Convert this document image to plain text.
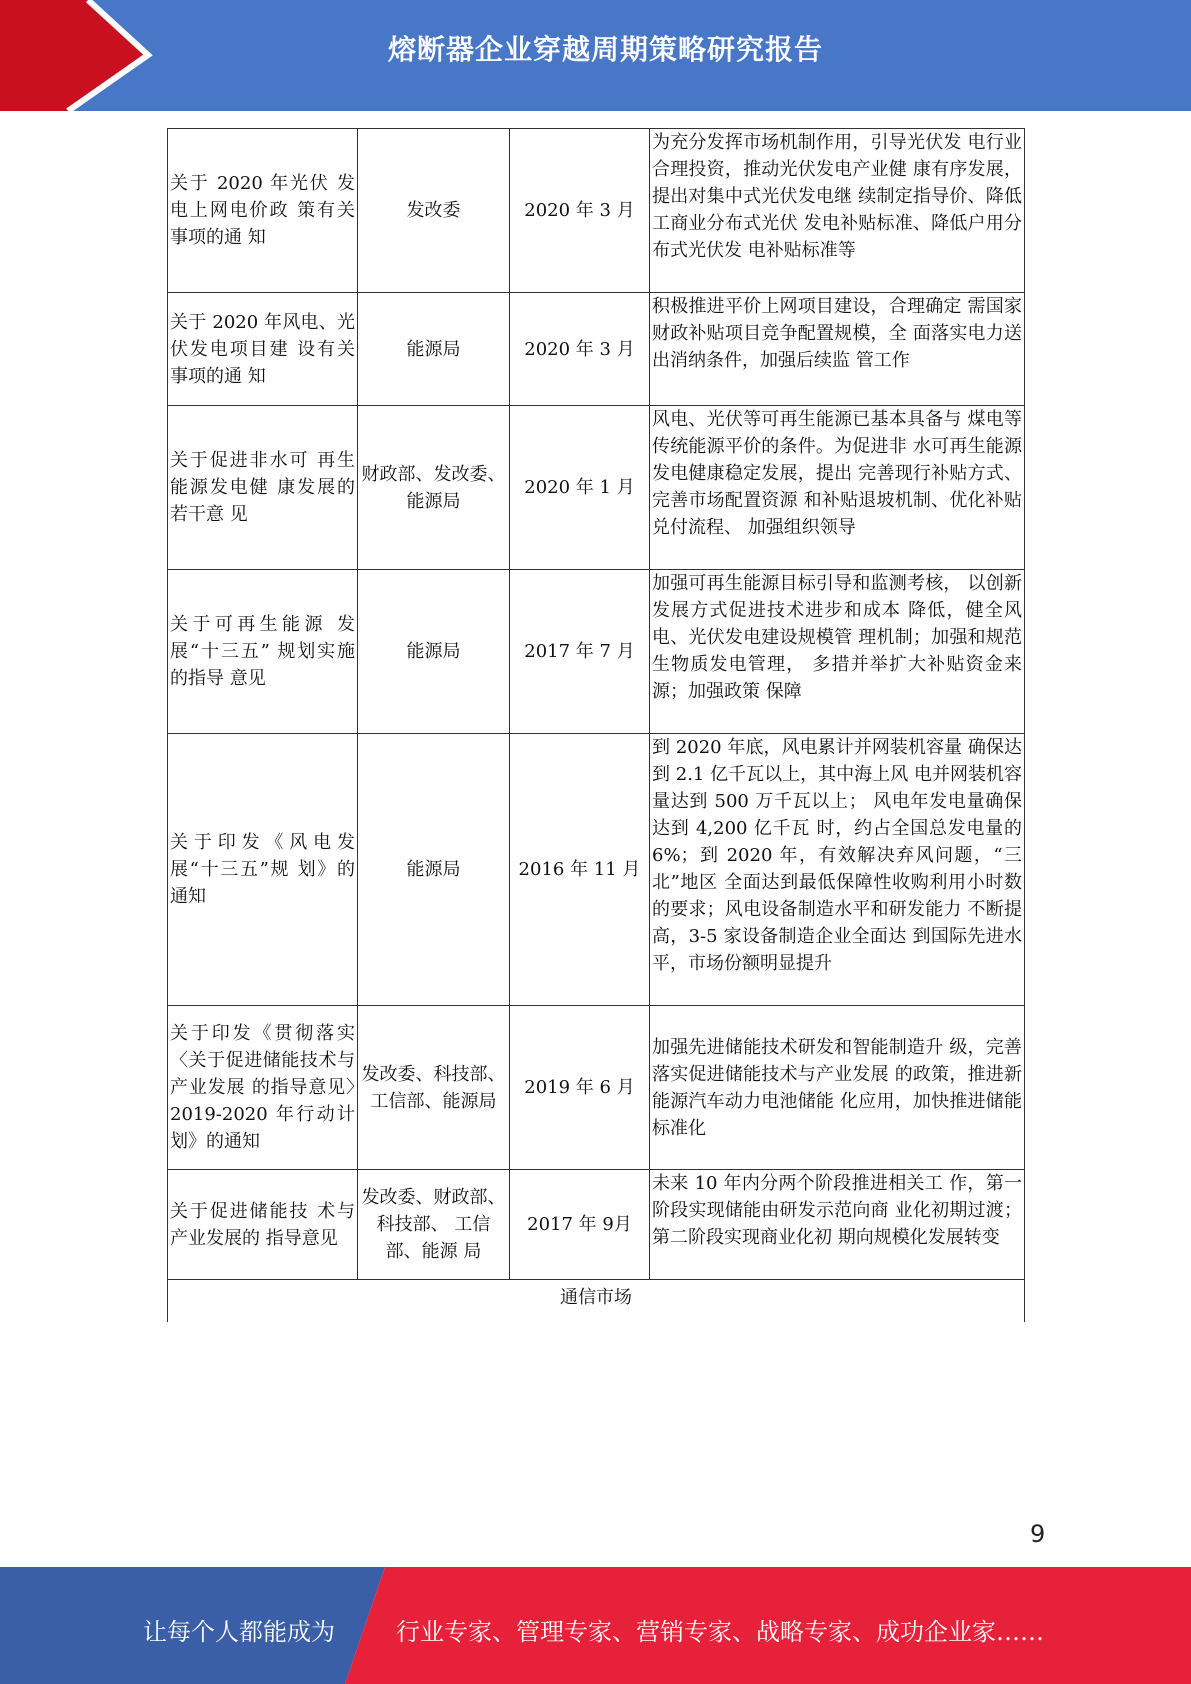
熔断器企业穿越周期策略研究报告
关于 2020 年光伏 发电上网电价政 策有关事项的通 知	发改委	2020 年 3 月	为充分发挥市场机制作用，引导光伏发 电行业合理投资，推动光伏发电产业健 康有序发展，提出对集中式光伏发电继 续制定指导价、降低工商业分布式光伏 发电补贴标准、降低户用分布式光伏发 电补贴标准等
关于 2020 年风电、光伏发电项目建 设有关事项的通 知	能源局	2020 年 3 月	积极推进平价上网项目建设，合理确定 需国家财政补贴项目竞争配置规模，全 面落实电力送出消纳条件，加强后续监 管工作
关于促进非水可 再生能源发电健 康发展的若干意 见	财政部、发改委、能源局	2020 年 1 月	风电、光伏等可再生能源已基本具备与 煤电等传统能源平价的条件。为促进非 水可再生能源发电健康稳定发展，提出 完善现行补贴方式、完善市场配置资源 和补贴退坡机制、优化补贴兑付流程、 加强组织领导
关于可再生能源 发展“十三五” 规划实施的指导 意见	能源局	2017 年 7 月	加强可再生能源目标引导和监测考核， 以创新发展方式促进技术进步和成本 降低，健全风电、光伏发电建设规模管 理机制；加强和规范生物质发电管理， 多措并举扩大补贴资金来源；加强政策 保障
关于印发《风电发展“十三五”规 划》的通知	能源局	2016 年 11 月	到 2020 年底，风电累计并网装机容量 确保达到 2.1 亿千瓦以上，其中海上风 电并网装机容量达到 500 万千瓦以上； 风电年发电量确保达到 4,200 亿千瓦 时，约占全国总发电量的 6%；到 2020 年，有效解决弃风问题，“三北”地区 全面达到最低保障性收购利用小时数 的要求；风电设备制造水平和研发能力 不断提高，3-5 家设备制造企业全面达 到国际先进水平，市场份额明显提升
关于印发《贯彻落实〈关于促进储能技术与产业发展 的指导意见〉2019-2020 年行动计划》的通知	发改委、科技部、工信部、能源局	2019 年 6 月	加强先进储能技术研发和智能制造升 级，完善落实促进储能技术与产业发展 的政策，推进新能源汽车动力电池储能 化应用，加快推进储能标准化
关于促进储能技 术与产业发展的 指导意见	发改委、财政部、科技部、 工信部、能源 局	2017 年 9月	未来 10 年内分两个阶段推进相关工 作，第一阶段实现储能由研发示范向商 业化初期过渡；第二阶段实现商业化初 期向规模化发展转变
通信市场			
9
让每个人都能成为	行业专家、管理专家、营销专家、战略专家、成功企业家……
